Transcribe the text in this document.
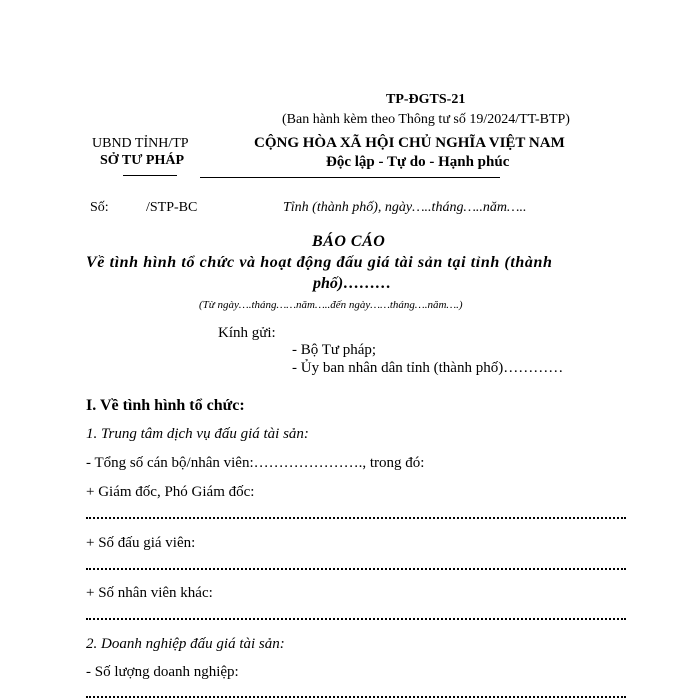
TP-ĐGTS-21
(Ban hành kèm theo Thông tư số 19/2024/TT-BTP)
UBND TỈNH/TP
SỞ TƯ PHÁP
CỘNG HÒA XÃ HỘI CHỦ NGHĨA VIỆT NAM
Độc lập - Tự do - Hạnh phúc
Số:	/STP-BC	Tỉnh (thành phố), ngày…..tháng…..năm…..
BÁO CÁO
Về tình hình tổ chức và hoạt động đấu giá tài sản tại tỉnh (thành
phố)………
(Từ ngày….tháng……năm…..đến ngày……tháng….năm….)
Kính gửi:
- Bộ Tư pháp;
- Ủy ban nhân dân tỉnh (thành phố)…………
I. Về tình hình tổ chức:
1. Trung tâm dịch vụ đấu giá tài sản:
- Tổng số cán bộ/nhân viên:…………………., trong đó:
+ Giám đốc, Phó Giám đốc:
+ Số đấu giá viên:
+ Số nhân viên khác:
2. Doanh nghiệp đấu giá tài sản:
- Số lượng doanh nghiệp:
